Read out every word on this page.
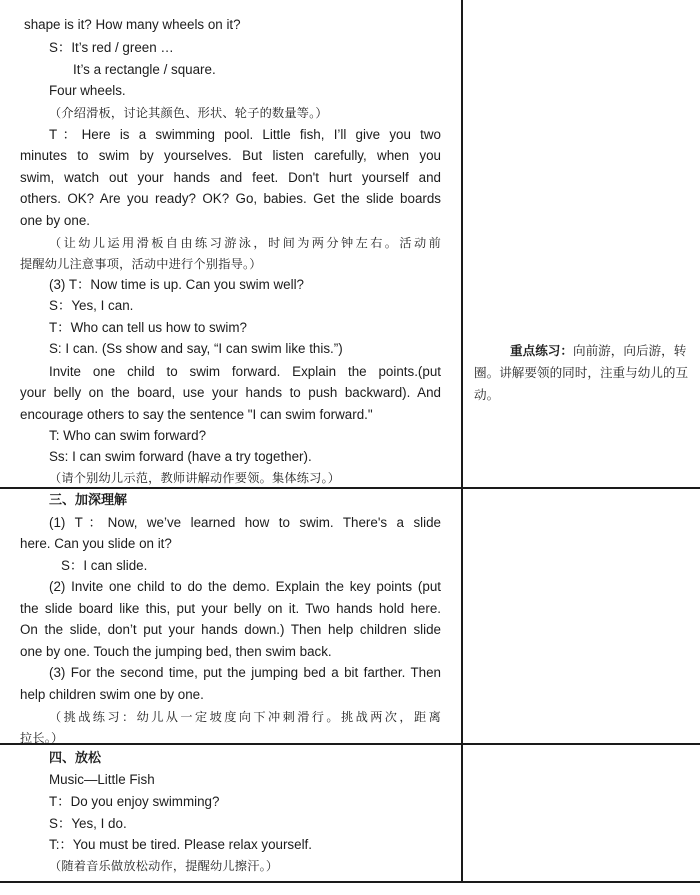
shape is it? How many wheels on it?
S：It’s red / green …
It’s a rectangle / square.
Four wheels.
（介绍滑板，讨论其颜色、形状、轮子的数量等。）
T：Here is a swimming pool. Little fish, I’ll give you two
minutes to swim by yourselves. But listen carefully, when you
swim, watch out your hands and feet. Don't hurt yourself and
others. OK? Are you ready? OK? Go, babies. Get the slide boards
one by one.
（让幼儿运用滑板自由练习游泳，时间为两分钟左右。活动前
提醒幼儿注意事项，活动中进行个别指导。）
(3) T：Now time is up. Can you swim well?
S：Yes, I can.
T：Who can tell us how to swim?
S: I can. (Ss show and say, “I can swim like this.”)
Invite one child to swim forward. Explain the points.(put
your belly on the board, use your hands to push backward). And
encourage others to say the sentence "I can swim forward."
T: Who can swim forward?
Ss: I can swim forward (have a try together).
（请个别幼儿示范，教师讲解动作要领。集体练习。）
三、加深理解
(1) T：Now, we’ve learned how to swim. There's a slide
here. Can you slide on it?
S：I can slide.
(2) Invite one child to do the demo. Explain the key points (put
the slide board like this, put your belly on it. Two hands hold here.
On the slide, don’t put your hands down.) Then help children slide
one by one. Touch the jumping bed, then swim back.
(3) For the second time, put the jumping bed a bit farther. Then
help children swim one by one.
（挑战练习：幼儿从一定坡度向下冲刺滑行。挑战两次，距离
拉长。）
四、放松
Music—Little Fish
T：Do you enjoy swimming?
S：Yes, I do.
T:：You must be tired. Please relax yourself.
（随着音乐做放松动作，提醒幼儿擦汗。）
重点练习：向前游，向后游，转圈。讲解要领的同时，注重与幼儿的互动。
